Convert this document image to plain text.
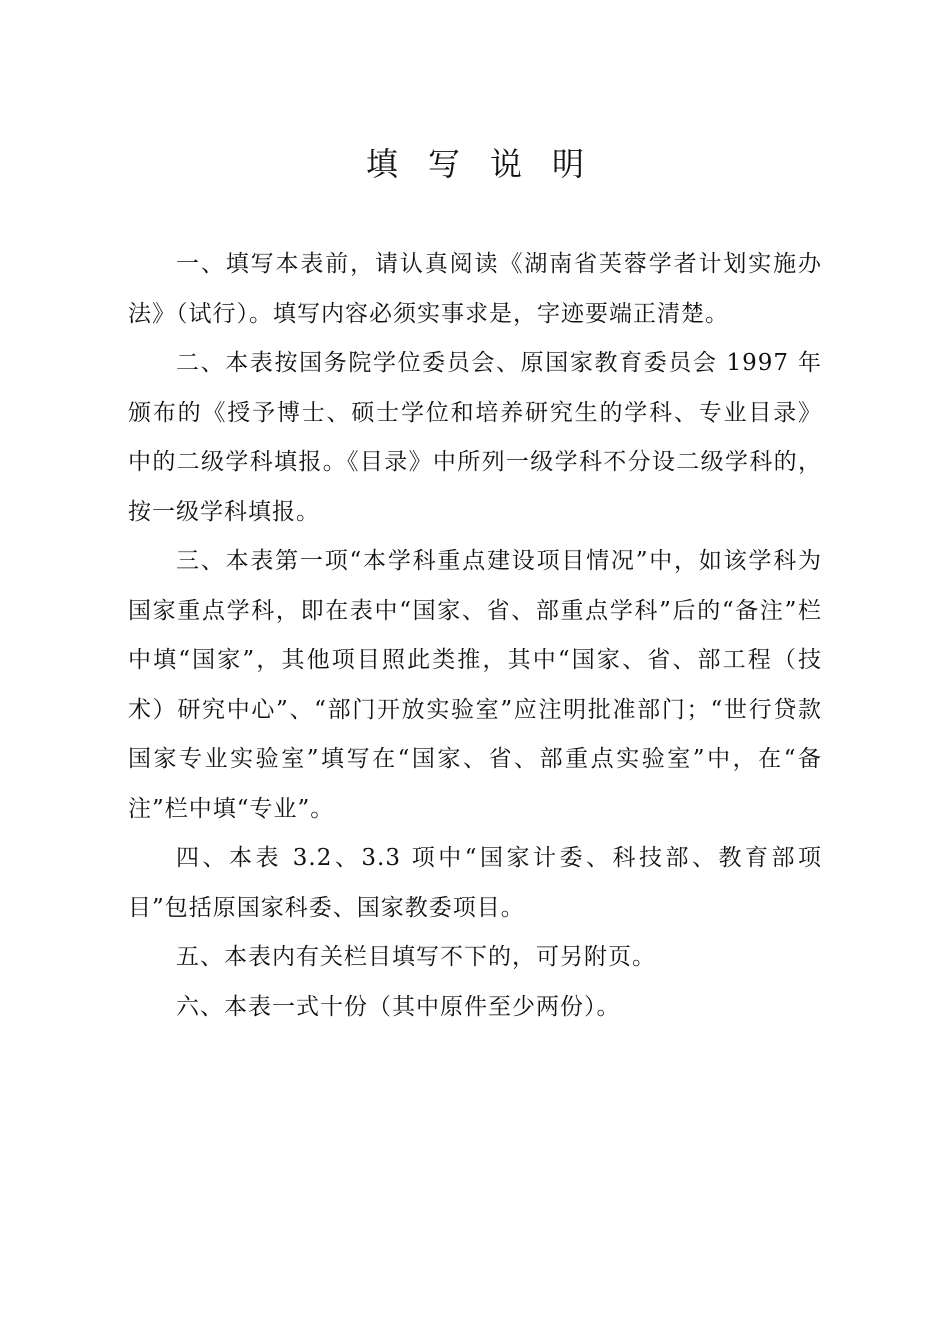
填写说明

一、填写本表前，请认真阅读《湖南省芙蓉学者计划实施办法》（试行）。填写内容必须实事求是，字迹要端正清楚。

二、本表按国务院学位委员会、原国家教育委员会 1997 年颁布的《授予博士、硕士学位和培养研究生的学科、专业目录》中的二级学科填报。《目录》中所列一级学科不分设二级学科的，按一级学科填报。

三、本表第一项“本学科重点建设项目情况”中，如该学科为国家重点学科，即在表中“国家、省、部重点学科”后的“备注”栏中填“国家”，其他项目照此类推，其中“国家、省、部工程（技术）研究中心”、“部门开放实验室”应注明批准部门；“世行贷款国家专业实验室”填写在“国家、省、部重点实验室”中，在“备注”栏中填“专业”。

四、本表 3.2、3.3 项中“国家计委、科技部、教育部项目”包括原国家科委、国家教委项目。

五、本表内有关栏目填写不下的，可另附页。

六、本表一式十份（其中原件至少两份）。
